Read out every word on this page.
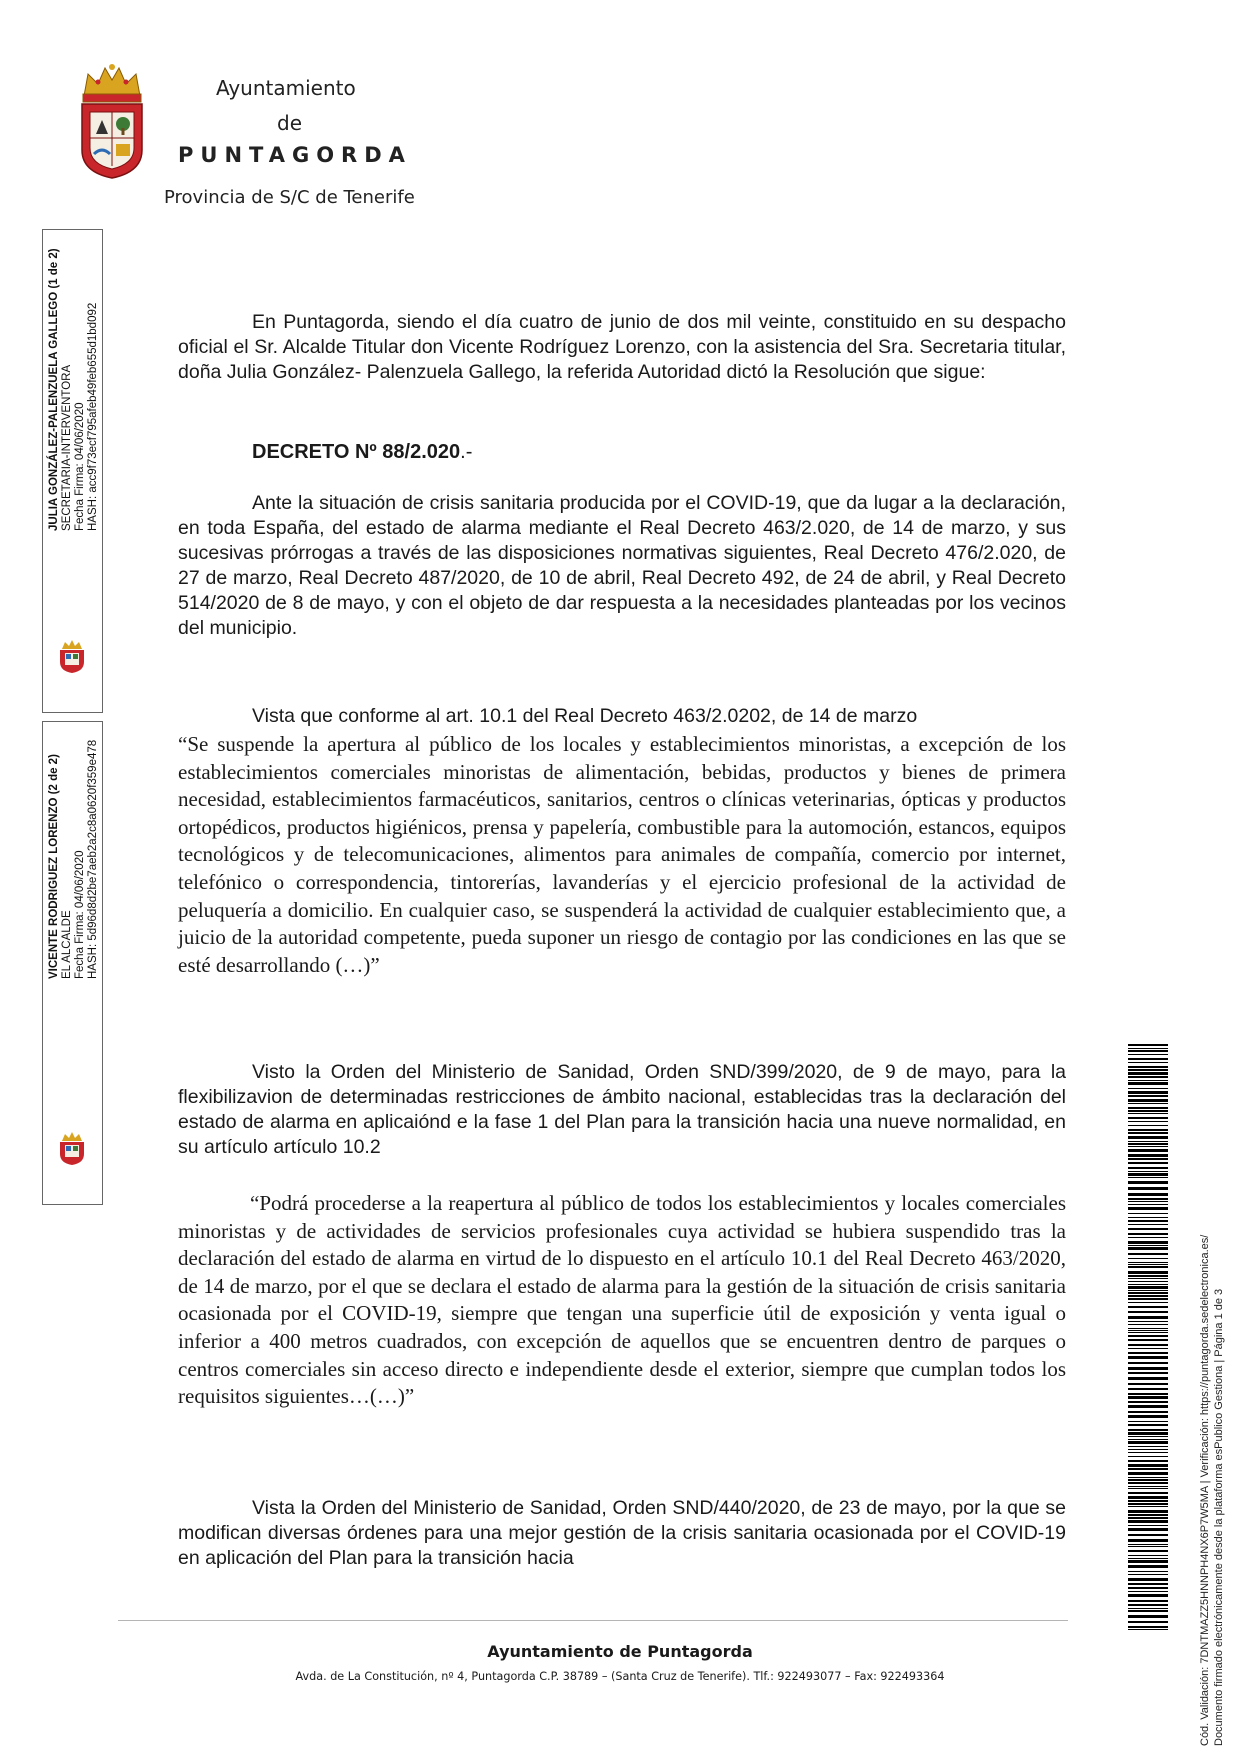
Ayuntamiento
de
PUNTAGORDA
Provincia de S/C de Tenerife
JULIA GONZÁLEZ-PALENZUELA GALLEGO (1 de 2) SECRETARIA-INTERVENTORA Fecha Firma: 04/06/2020 HASH: acc9f73ecf795afeb49feb655d1bd092
VICENTE RODRIGUEZ LORENZO (2 de 2) EL ALCALDE Fecha Firma: 04/06/2020 HASH: 5d96d8d2be7aeb2a2c8a0620f359e478
En Puntagorda, siendo el día cuatro de junio de dos mil veinte, constituido en su despacho oficial el Sr. Alcalde Titular don Vicente Rodríguez Lorenzo, con la asistencia del Sra. Secretaria titular, doña Julia González- Palenzuela Gallego, la referida Autoridad dictó la Resolución que sigue:
DECRETO Nº 88/2.020.-
Ante la situación de crisis sanitaria producida por el COVID-19, que da lugar a la declaración, en toda España, del estado de alarma mediante el Real Decreto 463/2.020, de 14 de marzo, y sus sucesivas prórrogas a través de las disposiciones normativas siguientes, Real Decreto 476/2.020, de 27 de marzo, Real Decreto 487/2020, de 10 de abril, Real Decreto 492, de 24 de abril, y Real Decreto 514/2020 de 8 de mayo, y con el objeto de dar respuesta a la necesidades planteadas por los vecinos del municipio.
Vista que conforme al art. 10.1 del Real Decreto 463/2.0202, de 14 de marzo
“Se suspende la apertura al público de los locales y establecimientos minoristas, a excepción de los establecimientos comerciales minoristas de alimentación, bebidas, productos y bienes de primera necesidad, establecimientos farmacéuticos, sanitarios, centros o clínicas veterinarias, ópticas y productos ortopédicos, productos higiénicos, prensa y papelería, combustible para la automoción, estancos, equipos tecnológicos y de telecomunicaciones, alimentos para animales de compañía, comercio por internet, telefónico o correspondencia, tintorerías, lavanderías y el ejercicio profesional de la actividad de peluquería a domicilio. En cualquier caso, se suspenderá la actividad de cualquier establecimiento que, a juicio de la autoridad competente, pueda suponer un riesgo de contagio por las condiciones en las que se esté desarrollando (…)”
Visto la Orden del Ministerio de Sanidad, Orden SND/399/2020, de 9 de mayo, para la flexibilizavion de determinadas restricciones de ámbito nacional, establecidas tras la declaración del estado de alarma en aplicaiónd e la fase 1 del Plan para la transición hacia una nueve normalidad, en su artículo artículo 10.2
“Podrá procederse a la reapertura al público de todos los establecimientos y locales comerciales minoristas y de actividades de servicios profesionales cuya actividad se hubiera suspendido tras la declaración del estado de alarma en virtud de lo dispuesto en el artículo 10.1 del Real Decreto 463/2020, de 14 de marzo, por el que se declara el estado de alarma para la gestión de la situación de crisis sanitaria ocasionada por el COVID-19, siempre que tengan una superficie útil de exposición y venta igual o inferior a 400 metros cuadrados, con excepción de aquellos que se encuentren dentro de parques o centros comerciales sin acceso directo e independiente desde el exterior, siempre que cumplan todos los requisitos siguientes…(…)”
Vista la Orden del Ministerio de Sanidad, Orden SND/440/2020, de 23 de mayo, por la que se modifican diversas órdenes para una mejor gestión de la crisis sanitaria ocasionada por el COVID-19 en aplicación del Plan para la transición hacia
Ayuntamiento de Puntagorda
Avda. de La Constitución, nº 4, Puntagorda C.P. 38789 – (Santa Cruz de Tenerife). Tlf.: 922493077 – Fax: 922493364	Cód. Validación: 7DNTMAZZ5HNNPH4NX6P7W5MA | Verificación: https://puntagorda.sedelectronica.es/ Documento firmado electrónicamente desde la plataforma esPublico Gestiona | Página 1 de 3
